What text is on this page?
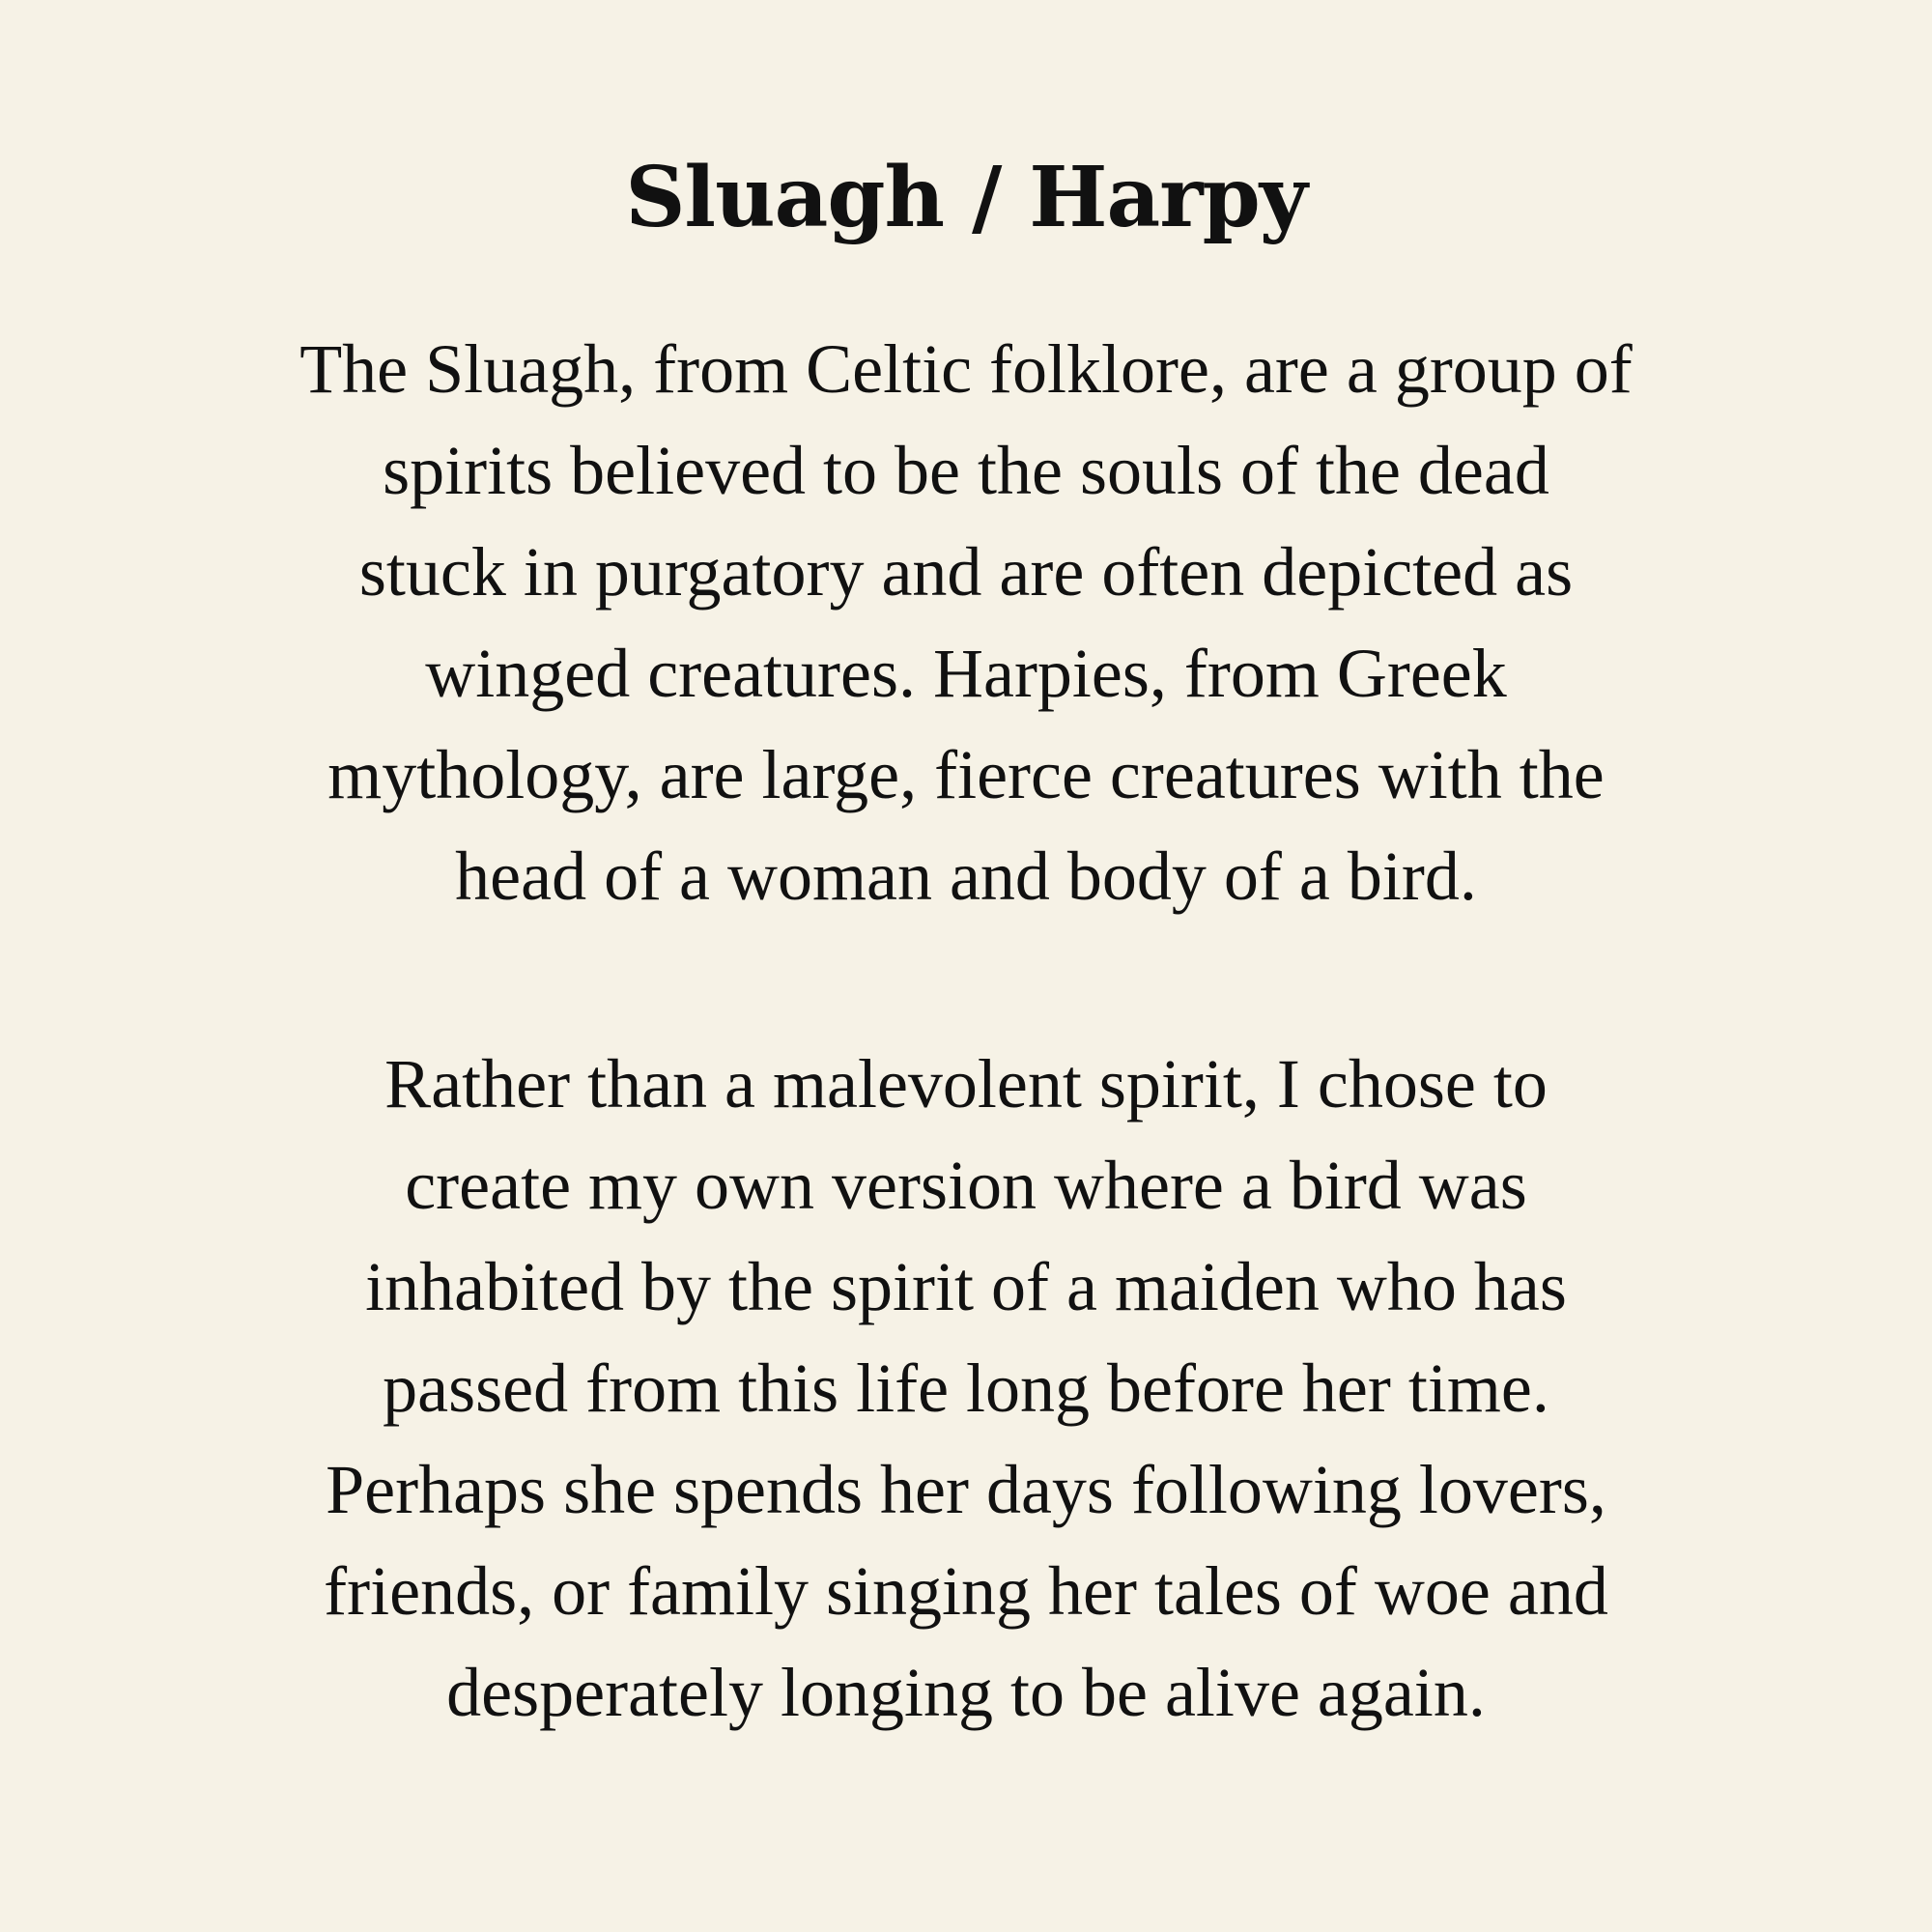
Sluagh / Harpy

The Sluagh, from Celtic folklore, are a group of
spirits believed to be the souls of the dead
stuck in purgatory and are often depicted as
winged creatures. Harpies, from Greek
mythology, are large, fierce creatures with the
head of a woman and body of a bird.

Rather than a malevolent spirit, I chose to
create my own version where a bird was
inhabited by the spirit of a maiden who has
passed from this life long before her time.
Perhaps she spends her days following lovers,
friends, or family singing her tales of woe and
desperately longing to be alive again.
